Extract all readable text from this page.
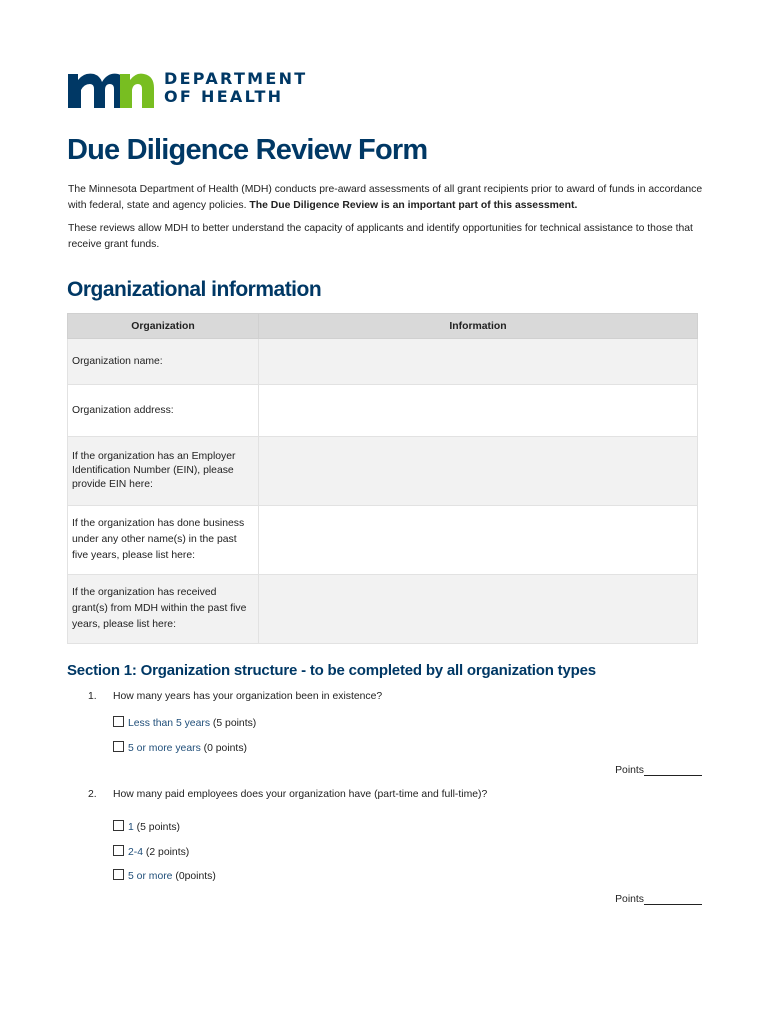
DEPARTMENT
OF HEALTH
Due Diligence Review Form

The Minnesota Department of Health (MDH) conducts pre-award assessments of all grant recipients prior to award of funds in accordance with federal, state and agency policies. The Due Diligence Review is an important part of this assessment.

These reviews allow MDH to better understand the capacity of applicants and identify opportunities for technical assistance to those that receive grant funds.

Organizational information
Organization	Information
Organization name:	
Organization address:	
If the organization has an Employer Identification Number (EIN), please provide EIN here:	
If the organization has done business under any other name(s) in the past five years, please list here:	
If the organization has received grant(s) from MDH within the past five years, please list here:	
Section 1: Organization structure - to be completed by all organization types
1. How many years has your organization been in existence?
Less than 5 years (5 points)
5 or more years (0 points)
Points
2. How many paid employees does your organization have (part-time and full-time)?
1 (5 points)
2-4 (2 points)
5 or more (0points)
Points
